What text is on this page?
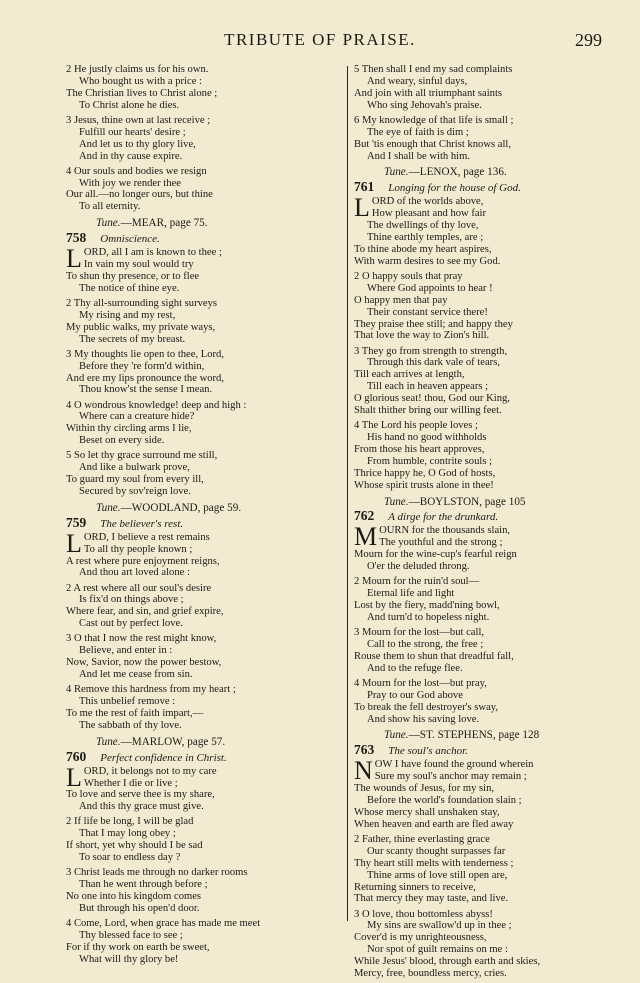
TRIBUTE OF PRAISE.	299
2 He justly claims us for his own.
Who bought us with a price :
The Christian lives to Christ alone ;
To Christ alone he dies.
3 Jesus, thine own at last receive ;
Fulfill our hearts' desire ;
And let us to thy glory live,
And in thy cause expire.
4 Our souls and bodies we resign
With joy we render thee
Our all.—no longer ours, but thine
To all eternity.
Tune.—MEAR, page 75.
758 Omniscience.
L ORD, all I am is known to thee ;
In vain my soul would try
To shun thy presence, or to flee
The notice of thine eye.
2 Thy all-surrounding sight surveys
My rising and my rest,
My public walks, my private ways,
The secrets of my breast.
3 My thoughts lie open to thee, Lord,
Before they 're form'd within,
And ere my lips pronounce the word,
Thou know'st the sense I mean.
4 O wondrous knowledge! deep and high :
Where can a creature hide?
Within thy circling arms I lie,
Beset on every side.
5 So let thy grace surround me still,
And like a bulwark prove,
To guard my soul from every ill,
Secured by sov'reign love.
Tune.—WOODLAND, page 59.
759 The believer's rest.
L ORD, I believe a rest remains
To all thy people known ;
A rest where pure enjoyment reigns,
And thou art loved alone :
2 A rest where all our soul's desire
Is fix'd on things above ;
Where fear, and sin, and grief expire,
Cast out by perfect love.
3 O that I now the rest might know,
Believe, and enter in :
Now, Savior, now the power bestow,
And let me cease from sin.
4 Remove this hardness from my heart ;
This unbelief remove :
To me the rest of faith impart,—
The sabbath of thy love.
Tune.—MARLOW, page 57.
760 Perfect confidence in Christ.
L ORD, it belongs not to my care
Whether I die or live ;
To love and serve thee is my share,
And this thy grace must give.
2 If life be long, I will be glad
That I may long obey ;
If short, yet why should I be sad
To soar to endless day ?
3 Christ leads me through no darker rooms
Than he went through before ;
No one into his kingdom comes
But through his open'd door.
4 Come, Lord, when grace has made me meet
Thy blessed face to see ;
For if thy work on earth be sweet,
What will thy glory be!
5 Then shall I end my sad complaints
And weary, sinful days,
And join with all triumphant saints
Who sing Jehovah's praise.
6 My knowledge of that life is small ;
The eye of faith is dim ;
But 'tis enough that Christ knows all,
And I shall be with him.
Tune.—LENOX, page 136.
761 Longing for the house of God.
L ORD of the worlds above,
How pleasant and how fair
The dwellings of thy love,
Thine earthly temples, are ;
To thine abode my heart aspires,
With warm desires to see my God.
2 O happy souls that pray
Where God appoints to hear !
O happy men that pay
Their constant service there!
They praise thee still; and happy they
That love the way to Zion's hill.
3 They go from strength to strength,
Through this dark vale of tears,
Till each arrives at length,
Till each in heaven appears ;
O glorious seat! thou, God our King,
Shalt thither bring our willing feet.
4 The Lord his people loves ;
His hand no good withholds
From those his heart approves,
From humble, contrite souls ;
Thrice happy he, O God of hosts,
Whose spirit trusts alone in thee!
Tune.—BOYLSTON, page 105
762 A dirge for the drunkard.
M OURN for the thousands slain,
The youthful and the strong ;
Mourn for the wine-cup's fearful reign
O'er the deluded throng.
2 Mourn for the ruin'd soul—
Eternal life and light
Lost by the fiery, madd'ning bowl,
And turn'd to hopeless night.
3 Mourn for the lost—but call,
Call to the strong, the free ;
Rouse them to shun that dreadful fall,
And to the refuge flee.
4 Mourn for the lost—but pray,
Pray to our God above
To break the fell destroyer's sway,
And show his saving love.
Tune.—ST. STEPHENS, page 128
763 The soul's anchor.
N OW I have found the ground wherein
Sure my soul's anchor may remain ;
The wounds of Jesus, for my sin,
Before the world's foundation slain ;
Whose mercy shall unshaken stay,
When heaven and earth are fled away
2 Father, thine everlasting grace
Our scanty thought surpasses far
Thy heart still melts with tenderness ;
Thine arms of love still open are,
Returning sinners to receive,
That mercy they may taste, and live.
3 O love, thou bottomless abyss!
My sins are swallow'd up in thee ;
Cover'd is my unrighteousness,
Nor spot of guilt remains on me :
While Jesus' blood, through earth and skies,
Mercy, free, boundless mercy, cries.
